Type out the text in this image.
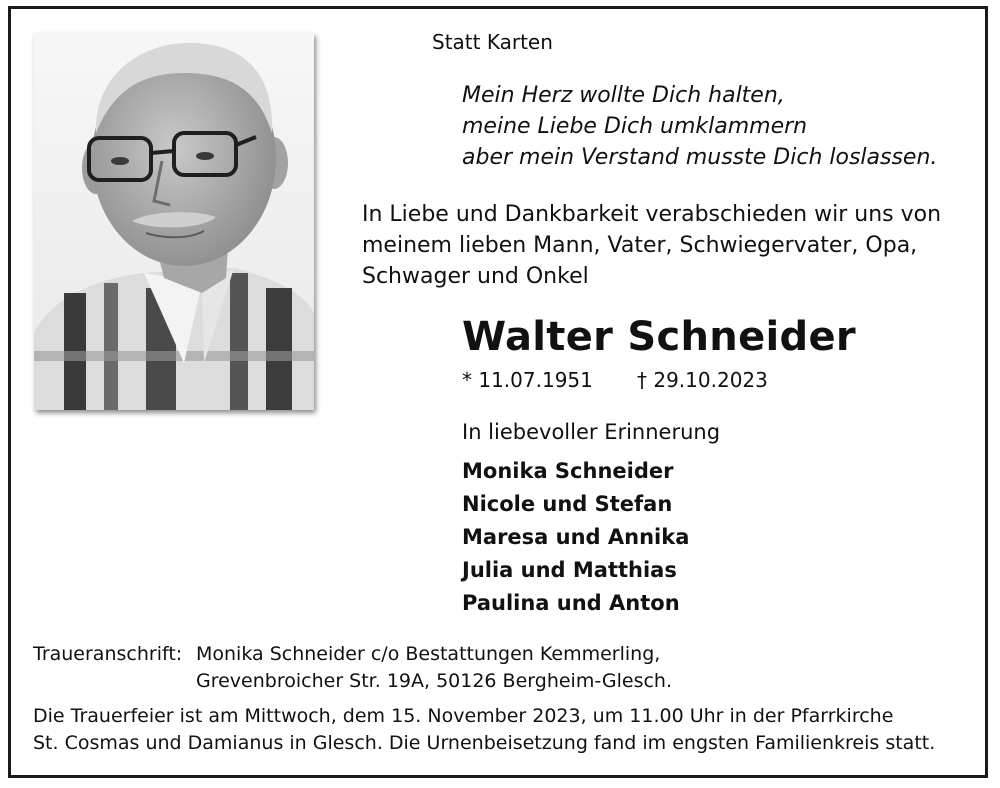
Statt Karten

Mein Herz wollte Dich halten,

meine Liebe Dich umklammern

aber mein Verstand musste Dich loslassen.

In Liebe und Dankbarkeit verabschieden wir uns von

meinem lieben Mann, Vater, Schwiegervater, Opa,

Schwager und Onkel

Walter Schneider

* 11.07.1951 † 29.10.2023

In liebevoller Erinnerung

Monika Schneider

Nicole und Stefan

Maresa und Annika

Julia und Matthias

Paulina und Anton

Traueranschrift: Monika Schneider c/o Bestattungen Kemmerling,

Grevenbroicher Str. 19A, 50126 Bergheim-Glesch.

Die Trauerfeier ist am Mittwoch, dem 15. November 2023, um 11.00 Uhr in der Pfarrkirche

St. Cosmas und Damianus in Glesch. Die Urnenbeisetzung fand im engsten Familienkreis statt.
